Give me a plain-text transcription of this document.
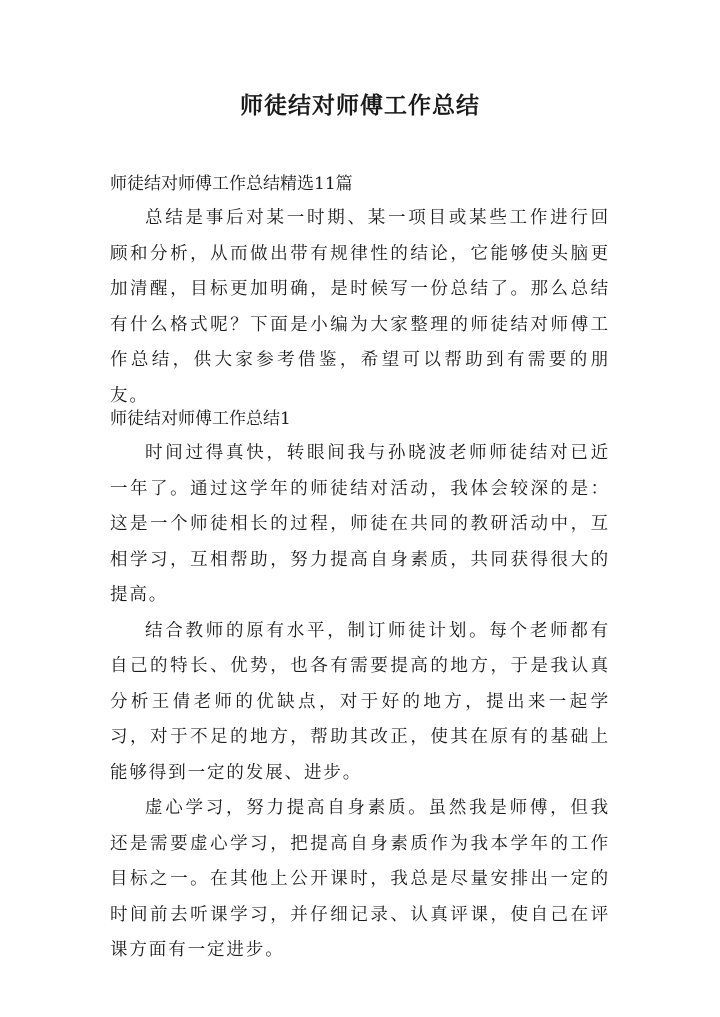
师徒结对师傅工作总结
师徒结对师傅工作总结精选11篇

总结是事后对某一时期、某一项目或某些工作进行回顾和分析，从而做出带有规律性的结论，它能够使头脑更加清醒，目标更加明确，是时候写一份总结了。那么总结有什么格式呢？下面是小编为大家整理的师徒结对师傅工作总结，供大家参考借鉴，希望可以帮助到有需要的朋友。

师徒结对师傅工作总结1

时间过得真快，转眼间我与孙晓波老师师徒结对已近一年了。通过这学年的师徒结对活动，我体会较深的是：这是一个师徒相长的过程，师徒在共同的教研活动中，互相学习，互相帮助，努力提高自身素质，共同获得很大的提高。

结合教师的原有水平，制订师徒计划。每个老师都有自己的特长、优势，也各有需要提高的地方，于是我认真分析王倩老师的优缺点，对于好的地方，提出来一起学习，对于不足的地方，帮助其改正，使其在原有的基础上能够得到一定的发展、进步。

虚心学习，努力提高自身素质。虽然我是师傅，但我还是需要虚心学习，把提高自身素质作为我本学年的工作目标之一。在其他上公开课时，我总是尽量安排出一定的时间前去听课学习，并仔细记录、认真评课，使自己在评课方面有一定进步。
